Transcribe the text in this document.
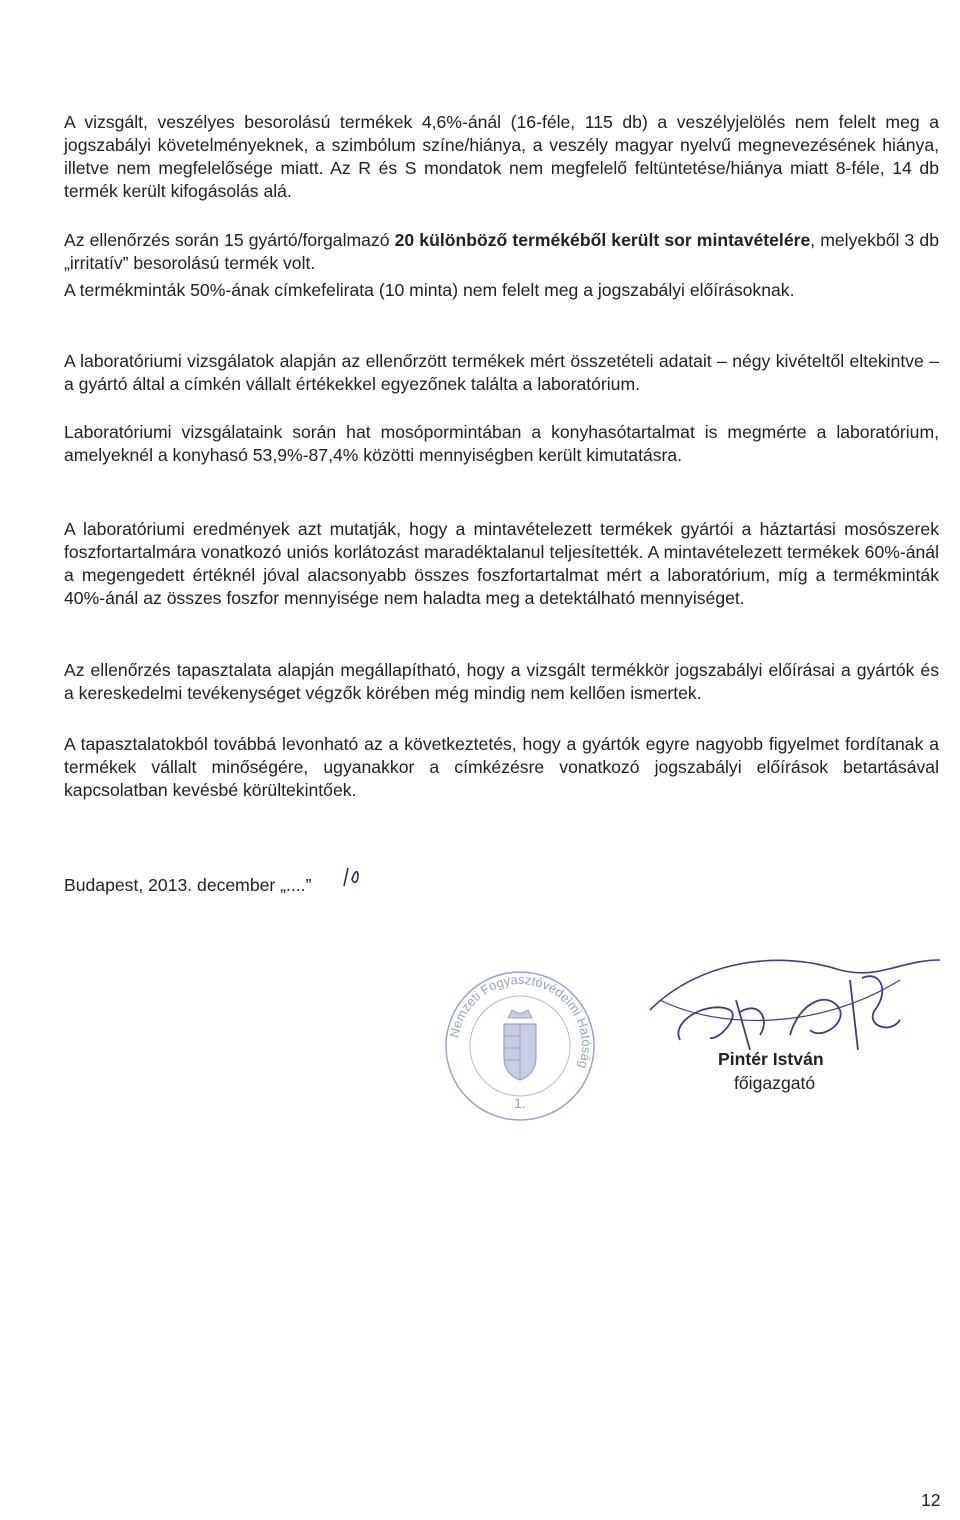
A vizsgált, veszélyes besorolású termékek 4,6%-ánál (16-féle, 115 db) a veszélyjelölés nem felelt meg a jogszabályi követelményeknek, a szimbólum színe/hiánya, a veszély magyar nyelvű megnevezésének hiánya, illetve nem megfelelősége miatt. Az R és S mondatok nem megfelelő feltüntetése/hiánya miatt 8-féle, 14 db termék került kifogásolás alá.

Az ellenőrzés során 15 gyártó/forgalmazó 20 különböző termékéből került sor mintavételére, melyekből 3 db „irritatív” besorolású termék volt.

A termékminták 50%-ának címkefelirata (10 minta) nem felelt meg a jogszabályi előírásoknak.

A laboratóriumi vizsgálatok alapján az ellenőrzött termékek mért összetételi adatait – négy kivételtől eltekintve – a gyártó által a címkén vállalt értékekkel egyezőnek találta a laboratórium.

Laboratóriumi vizsgálataink során hat mosópormintában a konyhasótartalmat is megmérte a laboratórium, amelyeknél a konyhasó 53,9%-87,4% közötti mennyiségben került kimutatásra.

A laboratóriumi eredmények azt mutatják, hogy a mintavételezett termékek gyártói a háztartási mosószerek foszfortartalmára vonatkozó uniós korlátozást maradéktalanul teljesítették. A mintavételezett termékek 60%-ánál a megengedett értéknél jóval alacsonyabb összes foszfortartalmat mért a laboratórium, míg a termékminták 40%-ánál az összes foszfor mennyisége nem haladta meg a detektálható mennyiséget.

Az ellenőrzés tapasztalata alapján megállapítható, hogy a vizsgált termékkör jogszabályi előírásai a gyártók és a kereskedelmi tevékenységet végzők körében még mindig nem kellően ismertek.

A tapasztalatokból továbbá levonható az a következtetés, hogy a gyártók egyre nagyobb figyelmet fordítanak a termékek vállalt minőségére, ugyanakkor a címkézésre vonatkozó jogszabályi előírások betartásával kapcsolatban kevésbé körültekintőek.

Budapest, 2013. december „....”
Nemzeti Fogyasztóvédelmi Hatóság
1.
Pintér István
főigazgató
12
